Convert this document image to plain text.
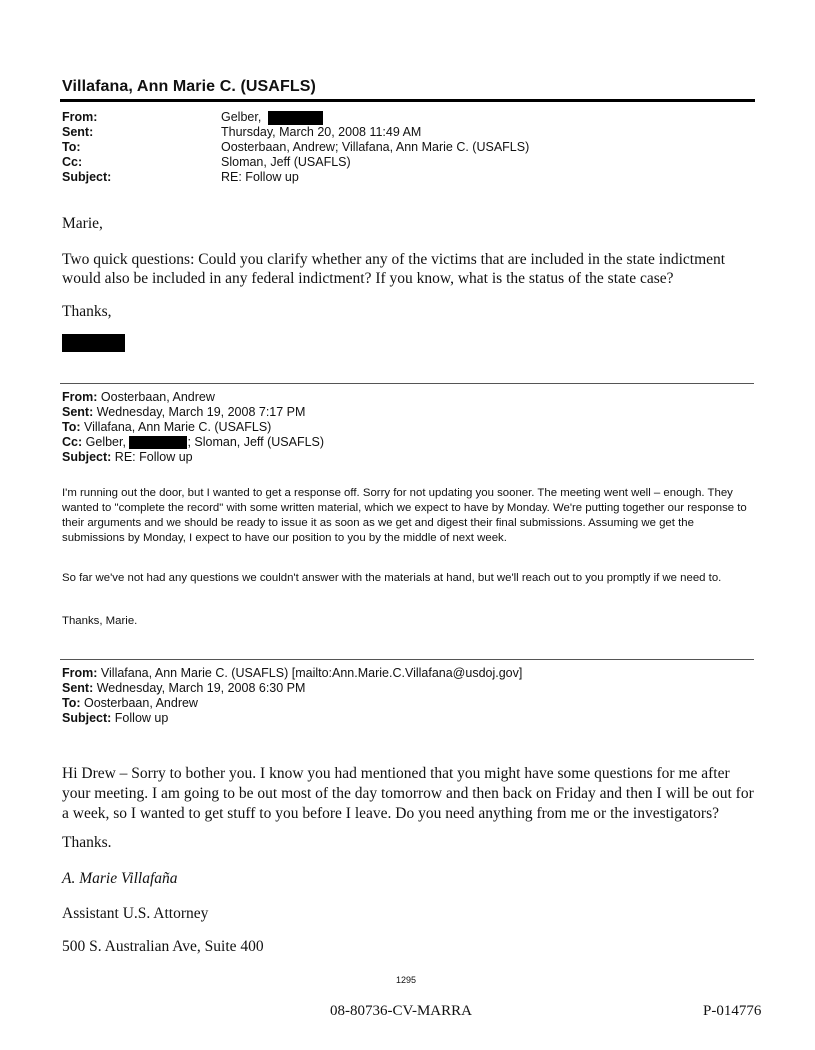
Villafana, Ann Marie C. (USAFLS)
From:	Gelber,
Sent:	Thursday, March 20, 2008 11:49 AM
To:	Oosterbaan, Andrew; Villafana, Ann Marie C. (USAFLS)
Cc:	Sloman, Jeff (USAFLS)
Subject:	RE: Follow up
Marie,
Two quick questions: Could you clarify whether any of the victims that are included in the state indictment would also be included in any federal indictment? If you know, what is the status of the state case?
Thanks,
From: Oosterbaan, Andrew
Sent: Wednesday, March 19, 2008 7:17 PM
To: Villafana, Ann Marie C. (USAFLS)
Cc: Gelber,	; Sloman, Jeff (USAFLS)
Subject: RE: Follow up
I'm running out the door, but I wanted to get a response off. Sorry for not updating you sooner. The meeting went well – enough. They wanted to "complete the record" with some written material, which we expect to have by Monday. We're putting together our response to their arguments and we should be ready to issue it as soon as we get and digest their final submissions. Assuming we get the submissions by Monday, I expect to have our position to you by the middle of next week.
So far we've not had any questions we couldn't answer with the materials at hand, but we'll reach out to you promptly if we need to.
Thanks, Marie.
From: Villafana, Ann Marie C. (USAFLS) [mailto:Ann.Marie.C.Villafana@usdoj.gov]
Sent: Wednesday, March 19, 2008 6:30 PM
To: Oosterbaan, Andrew
Subject: Follow up
Hi Drew – Sorry to bother you. I know you had mentioned that you might have some questions for me after your meeting. I am going to be out most of the day tomorrow and then back on Friday and then I will be out for a week, so I wanted to get stuff to you before I leave. Do you need anything from me or the investigators?
Thanks.
A. Marie Villafaña
Assistant U.S. Attorney
500 S. Australian Ave, Suite 400
1295
08-80736-CV-MARRA	P-014776
